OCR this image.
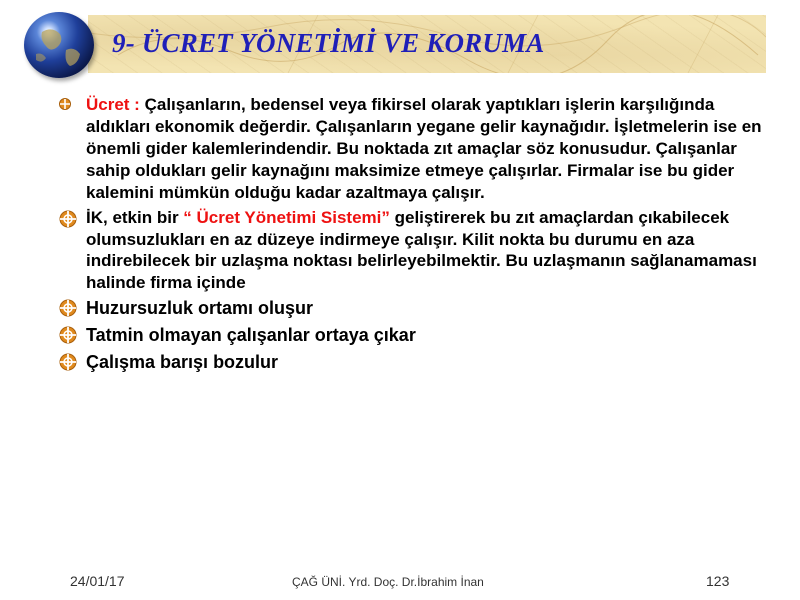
9- ÜCRET YÖNETİMİ VE KORUMA
Ücret : Çalışanların, bedensel veya fikirsel olarak yaptıkları işlerin karşılığında aldıkları ekonomik değerdir. Çalışanların yegane gelir kaynağıdır. İşletmelerin ise en önemli gider kalemlerindendir. Bu noktada zıt amaçlar söz konusudur. Çalışanlar sahip oldukları gelir kaynağını maksimize etmeye çalışırlar. Firmalar ise bu gider kalemini mümkün olduğu kadar azaltmaya çalışır.
İK, etkin bir “ Ücret Yönetimi Sistemi” geliştirerek bu zıt amaçlardan çıkabilecek olumsuzlukları en az düzeye indirmeye çalışır. Kilit nokta bu durumu en aza indirebilecek bir uzlaşma noktası belirleyebilmektir. Bu uzlaşmanın sağlanamaması halinde firma içinde
Huzursuzluk ortamı oluşur
Tatmin olmayan çalışanlar ortaya çıkar
Çalışma barışı bozulur
24/01/17	ÇAĞ ÜNİ. Yrd. Doç. Dr.İbrahim İnan	123
